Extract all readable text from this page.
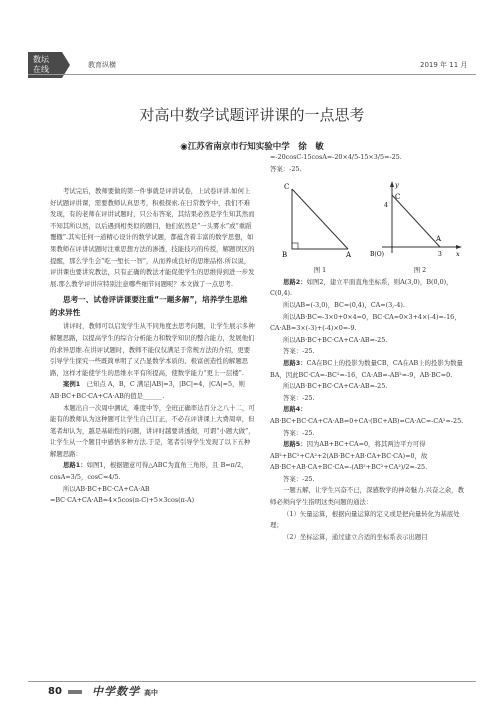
数坛
在线	教育纵横	2019 年 11 月
对高中数学试题评讲课的一点思考
◉江苏省南京市行知实验中学　徐　敏

考试完后，教师要做的第一件事就是评讲试卷，上试卷评讲.如何上好试题评讲课，需要教师认真思考，积极探索.在日常教学中，我们不难发现，有的老师在评讲试题时，只公布答案，其结果必然是学生知其然而不知其所以然，以后遇到相类似的题目，他们依然是“一头雾水”或“重蹈覆辙”.其实任何一道精心设计的数学试题，都蕴含着丰富的数学思想，如果教师在评讲试题时注重思想方法的渗透，技能技巧的传授，解题误区的提醒，那么学生会“吃一堑长一智”，从而养成良好的思维品格.所以说，评讲课也要讲究教法，只有正确的教法才能促使学生的思维得到进一步发展.那么教学评讲应特别注意哪些细节问题呢？本文做了一点思考.

思考一、试卷评讲课要注重“一题多解”，培养学生思维的求异性

讲评时，教师可以启发学生从不同角度去思考问题，让学生展示多种解题思路，以提高学生的综合分析能力和数学知识的整合能力，发展他们的求异思维.在讲评试题时，教师不能仅仅满足于常规方法的介绍，更要引导学生探究一些既简单明了又凸显数学本质的、极富创造性的解题思路，这样才能使学生的思维水平有所提高，使数学能力“更上一层楼”.

案例1　 已知点 A，B，C 满足|AB|=3，|BC|=4，|CA|=5，则AB·BC+BC·CA+CA·AB的值是______.

本题出自一次周中测试，难度中等，全班正确率达百分之八十二，可能有的教师认为这种题可让学生自己订正，不必在评讲课上大费周章，但笔者却认为，越是基础性的问题，讲评时越要讲透彻，可谓“小题大做”，让学生从一个题目中感悟多种方法.于是，笔者引导学生发现了以下五种解题思路：

思路1：如图1，根据题意可得△ABC为直角三角形，且 B=π/2，cosA=3/5，cosC=4/5.

所以AB·BC+BC·CA+CA·AB

=BC·CA+CA·AB=4×5cos(π-C)+5×3cos(π-A)

=-20cosC-15cosA=-20×4/5-15×3/5=-25.

答案：-25.

C
B	A
y
C
4
A
B(O)	3 x
图 1	图 2

思路2：如图2，建立平面直角坐标系，则A(3,0)，B(0,0)，C(0,4).

所以AB=(-3,0)，BC=(0,4)，CA=(3,-4).

所以AB·BC=-3×0+0×4=0，BC·CA=0×3+4×(-4)=-16，CA·AB=3×(-3)+(-4)×0=-9.

所以AB·BC+BC·CA+CA·AB=-25.

答案：-25.

思路3：CA在BC上的投影为数量CB，CA在AB上的投影为数量BA，因此BC·CA=-BC²=-16，CA·AB=-AB²=-9，AB·BC=0.

所以AB·BC+BC·CA+CA·AB=-25.

答案：-25.

思路4：AB·BC+BC·CA+CA·AB=0+CA·(BC+AB)=CA·AC=-CA²=-25.

答案：-25.

思路5：因为AB+BC+CA=0，将其两边平方可得AB²+BC²+CA²+2(AB·BC+AB·CA+BC·CA)=0，故AB·BC+AB·CA+BC·CA=-(AB²+BC²+CA²)/2=-25.

答案：-25.

一题五解，让学生兴奋不已，深感数学的神奇魅力.兴奋之余，教师必须向学生指明这类问题的通法：

（1）矢量运算，根据向量运算的定义或是把向量转化为基底处理；

（2）坐标运算，通过建立合适的坐标系表示出题目

80	中学数学 高中
